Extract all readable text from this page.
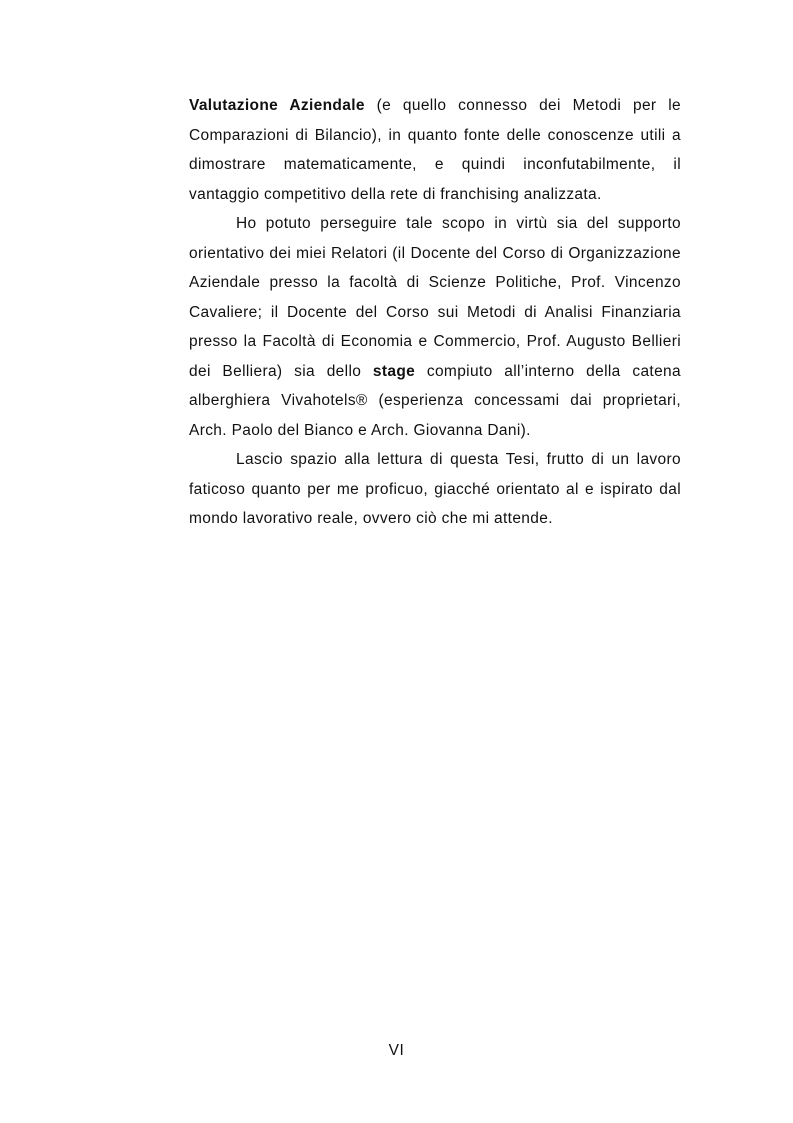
Valutazione Aziendale (e quello connesso dei Metodi per le Comparazioni di Bilancio), in quanto fonte delle conoscenze utili a dimostrare matematicamente, e quindi inconfutabilmente, il vantaggio competitivo della rete di franchising analizzata.

Ho potuto perseguire tale scopo in virtù sia del supporto orientativo dei miei Relatori (il Docente del Corso di Organizzazione Aziendale presso la facoltà di Scienze Politiche, Prof. Vincenzo Cavaliere; il Docente del Corso sui Metodi di Analisi Finanziaria presso la Facoltà di Economia e Commercio, Prof. Augusto Bellieri dei Belliera) sia dello stage compiuto all’interno della catena alberghiera Vivahotels® (esperienza concessami dai proprietari, Arch. Paolo del Bianco e Arch. Giovanna Dani).

Lascio spazio alla lettura di questa Tesi, frutto di un lavoro faticoso quanto per me proficuo, giacché orientato al e ispirato dal mondo lavorativo reale, ovvero ciò che mi attende.

VI
